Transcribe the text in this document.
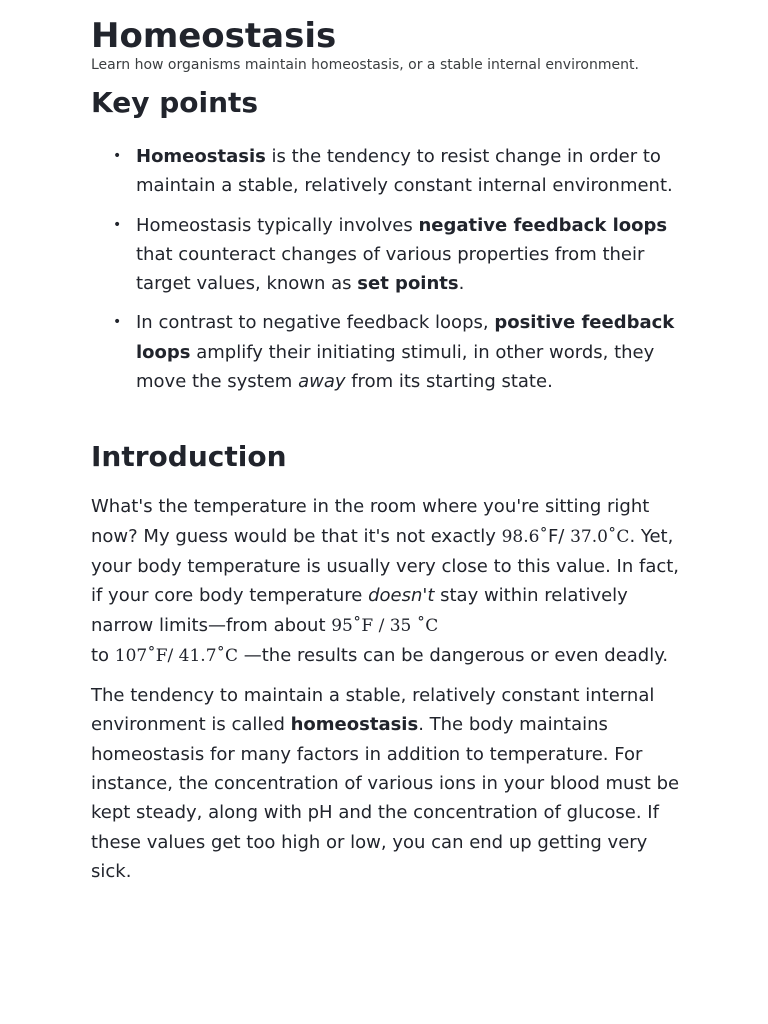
Homeostasis
Learn how organisms maintain homeostasis, or a stable internal environment.
Key points
• Homeostasis is the tendency to resist change in order to maintain a stable, relatively constant internal environment.
• Homeostasis typically involves negative feedback loops that counteract changes of various properties from their target values, known as set points.
• In contrast to negative feedback loops, positive feedback loops amplify their initiating stimuli, in other words, they move the system away from its starting state.
Introduction

What's the temperature in the room where you're sitting right now? My guess would be that it's not exactly 98.6˚F/ 37.0˚C. Yet, your body temperature is usually very close to this value. In fact, if your core body temperature doesn't stay within relatively narrow limits—from about 95˚F / 35 ˚C
to 107˚F/ 41.7˚C —the results can be dangerous or even deadly.

The tendency to maintain a stable, relatively constant internal environment is called homeostasis. The body maintains homeostasis for many factors in addition to temperature. For instance, the concentration of various ions in your blood must be kept steady, along with pH and the concentration of glucose. If these values get too high or low, you can end up getting very sick.
